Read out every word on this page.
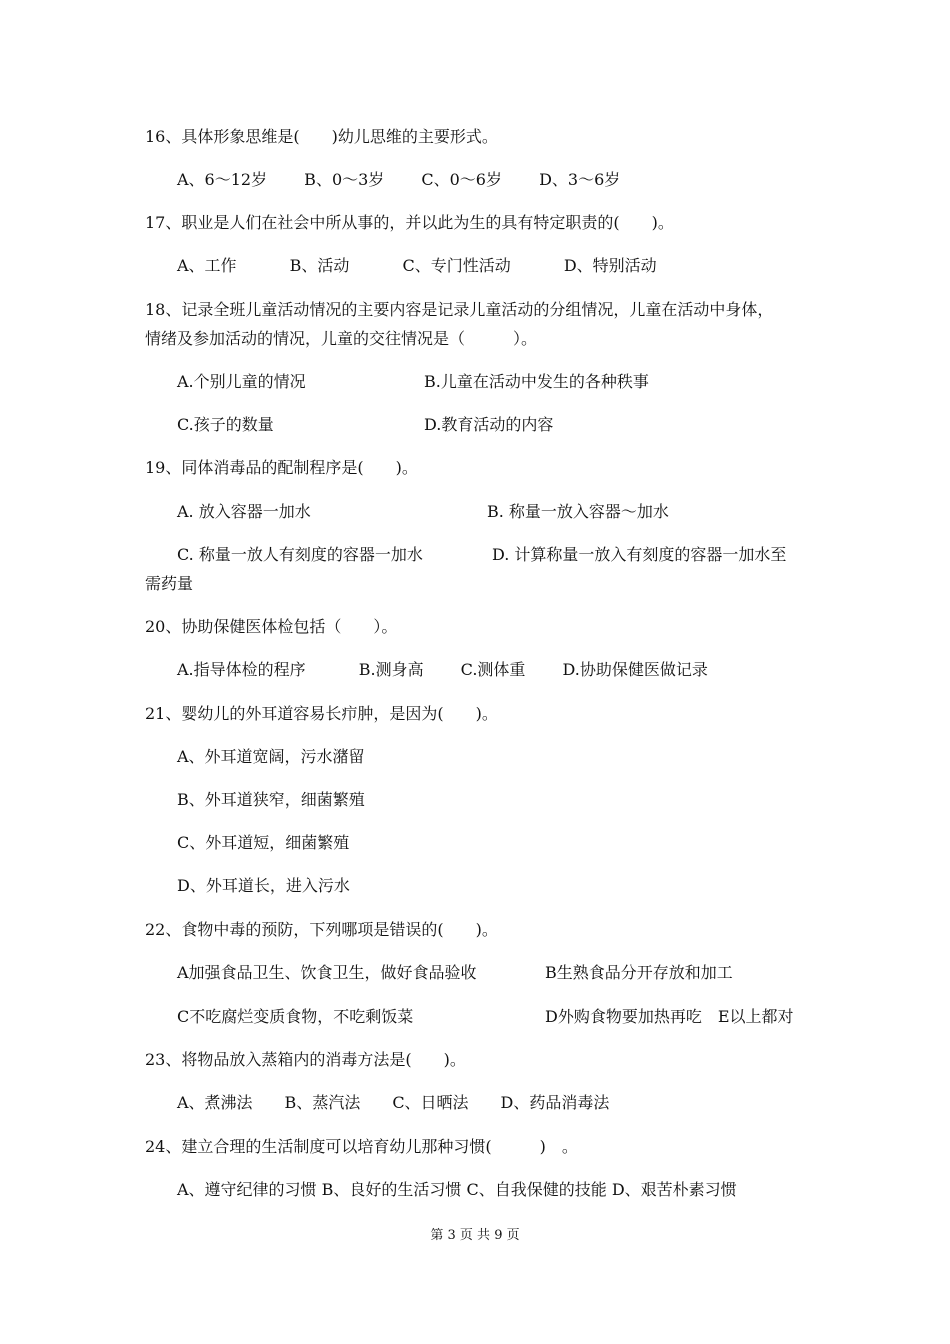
16、具体形象思维是(　　)幼儿思维的主要形式。

A、6～12岁　　 B、0～3岁　　 C、0～6岁　　 D、3～6岁

17、职业是人们在社会中所从事的，并以此为生的具有特定职责的(　　)。

A、工作　　　 B、活动　　　 C、专门性活动　　　 D、特别活动

18、记录全班儿童活动情况的主要内容是记录儿童活动的分组情况，儿童在活动中身体，

情绪及参加活动的情况，儿童的交往情况是（　　　）。

A.个别儿童的情况	B.儿童在活动中发生的各种秩事

C.孩子的数量	D.教育活动的内容

19、同体消毒品的配制程序是(　　)。

A. 放入容器一加水	B. 称量一放入容器～加水

C. 称量一放人有刻度的容器一加水	D. 计算称量一放入有刻度的容器一加水至

需药量

20、协助保健医体检包括（　　）。

A.指导体检的程序　　　 B.测身高　　 C.测体重　　 D.协助保健医做记录

21、婴幼儿的外耳道容易长疖肿，是因为(　　)。

A、外耳道宽阔，污水潴留

B、外耳道狭窄，细菌繁殖

C、外耳道短，细菌繁殖

D、外耳道长，进入污水

22、食物中毒的预防，下列哪项是错误的(　　)。

A加强食品卫生、饮食卫生，做好食品验收	B生熟食品分开存放和加工

C不吃腐烂变质食物，不吃剩饭菜	D外购食物要加热再吃　E以上都对

23、将物品放入蒸箱内的消毒方法是(　　)。

A、煮沸法　　B、蒸汽法　　C、日晒法　　D、药品消毒法

24、建立合理的生活制度可以培育幼儿那种习惯(　　　)　。

A、遵守纪律的习惯 B、良好的生活习惯 C、自我保健的技能 D、艰苦朴素习惯

第 3 页 共 9 页
